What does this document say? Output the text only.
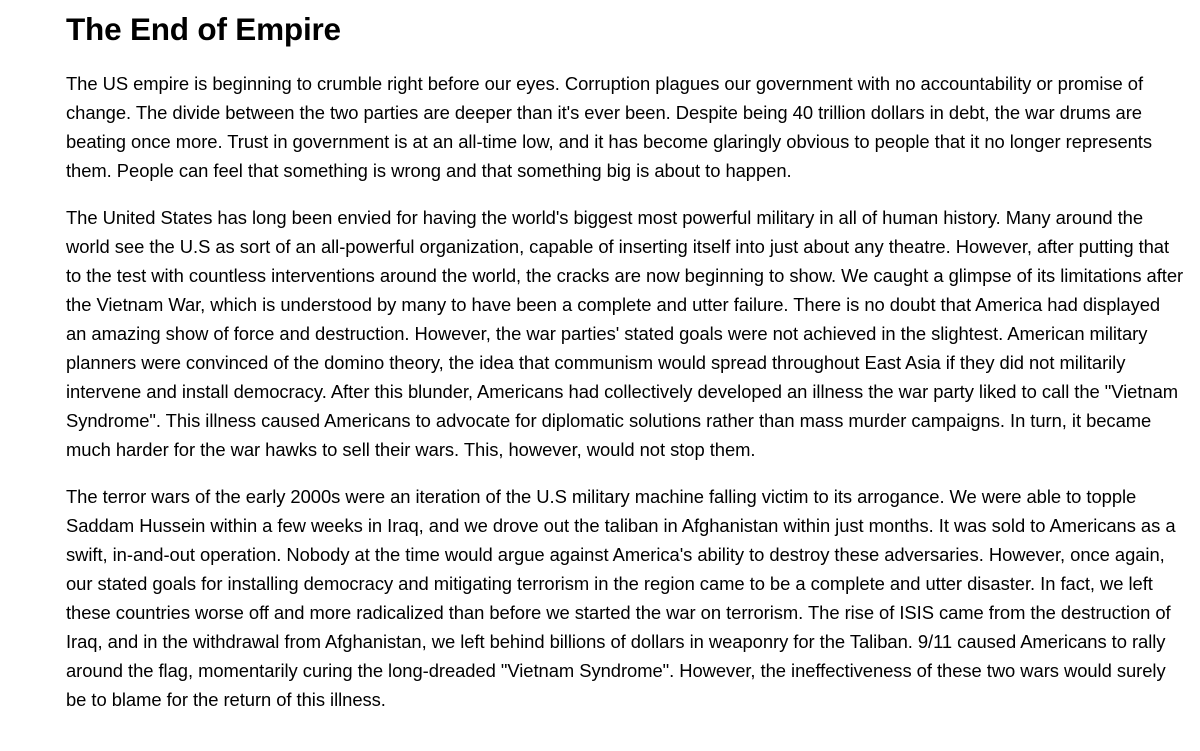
The End of Empire

The US empire is beginning to crumble right before our eyes. Corruption plagues our government with no accountability or promise of change. The divide between the two parties are deeper than it's ever been. Despite being 40 trillion dollars in debt, the war drums are beating once more. Trust in government is at an all-time low, and it has become glaringly obvious to people that it no longer represents them. People can feel that something is wrong and that something big is about to happen.

The United States has long been envied for having the world's biggest most powerful military in all of human history. Many around the world see the U.S as sort of an all-powerful organization, capable of inserting itself into just about any theatre. However, after putting that to the test with countless interventions around the world, the cracks are now beginning to show. We caught a glimpse of its limitations after the Vietnam War, which is understood by many to have been a complete and utter failure. There is no doubt that America had displayed an amazing show of force and destruction. However, the war parties' stated goals were not achieved in the slightest. American military planners were convinced of the domino theory, the idea that communism would spread throughout East Asia if they did not militarily intervene and install democracy. After this blunder, Americans had collectively developed an illness the war party liked to call the "Vietnam Syndrome". This illness caused Americans to advocate for diplomatic solutions rather than mass murder campaigns. In turn, it became much harder for the war hawks to sell their wars. This, however, would not stop them.

The terror wars of the early 2000s were an iteration of the U.S military machine falling victim to its arrogance. We were able to topple Saddam Hussein within a few weeks in Iraq, and we drove out the taliban in Afghanistan within just months. It was sold to Americans as a swift, in-and-out operation. Nobody at the time would argue against America's ability to destroy these adversaries. However, once again, our stated goals for installing democracy and mitigating terrorism in the region came to be a complete and utter disaster. In fact, we left these countries worse off and more radicalized than before we started the war on terrorism. The rise of ISIS came from the destruction of Iraq, and in the withdrawal from Afghanistan, we left behind billions of dollars in weaponry for the Taliban. 9/11 caused Americans to rally around the flag, momentarily curing the long-dreaded "Vietnam Syndrome". However, the ineffectiveness of these two wars would surely be to blame for the return of this illness.
